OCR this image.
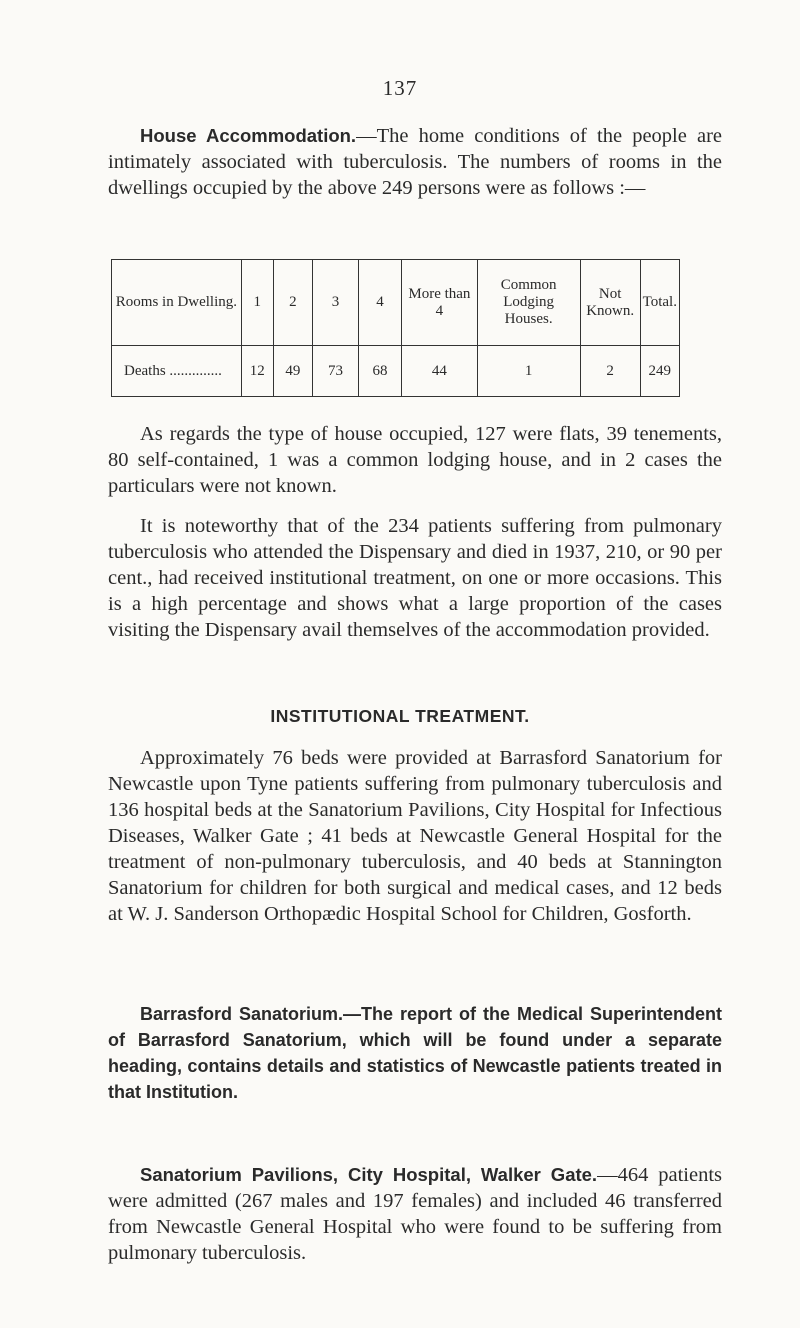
137
House Accommodation.—The home conditions of the people are intimately associated with tuberculosis. The numbers of rooms in the dwellings occupied by the above 249 persons were as follows :—
Rooms in Dwelling.	1	2	3	4	More than 4	Common Lodging Houses.	Not Known.	Total.
Deaths ..............	12	49	73	68	44	1	2	249
As regards the type of house occupied, 127 were flats, 39 tenements, 80 self-contained, 1 was a common lodging house, and in 2 cases the particulars were not known.
It is noteworthy that of the 234 patients suffering from pulmonary tuberculosis who attended the Dispensary and died in 1937, 210, or 90 per cent., had received institutional treatment, on one or more occasions. This is a high percentage and shows what a large proportion of the cases visiting the Dispensary avail themselves of the accommodation provided.
INSTITUTIONAL TREATMENT.
Approximately 76 beds were provided at Barrasford Sanatorium for Newcastle upon Tyne patients suffering from pulmonary tuberculosis and 136 hospital beds at the Sanatorium Pavilions, City Hospital for Infectious Diseases, Walker Gate ; 41 beds at Newcastle General Hospital for the treatment of non-pulmonary tuberculosis, and 40 beds at Stannington Sanatorium for children for both surgical and medical cases, and 12 beds at W. J. Sanderson Orthopædic Hospital School for Children, Gosforth.
Barrasford Sanatorium.—The report of the Medical Superintendent of Barrasford Sanatorium, which will be found under a separate heading, contains details and statistics of Newcastle patients treated in that Institution.
Sanatorium Pavilions, City Hospital, Walker Gate.—464 patients were admitted (267 males and 197 females) and included 46 transferred from Newcastle General Hospital who were found to be suffering from pulmonary tuberculosis.
